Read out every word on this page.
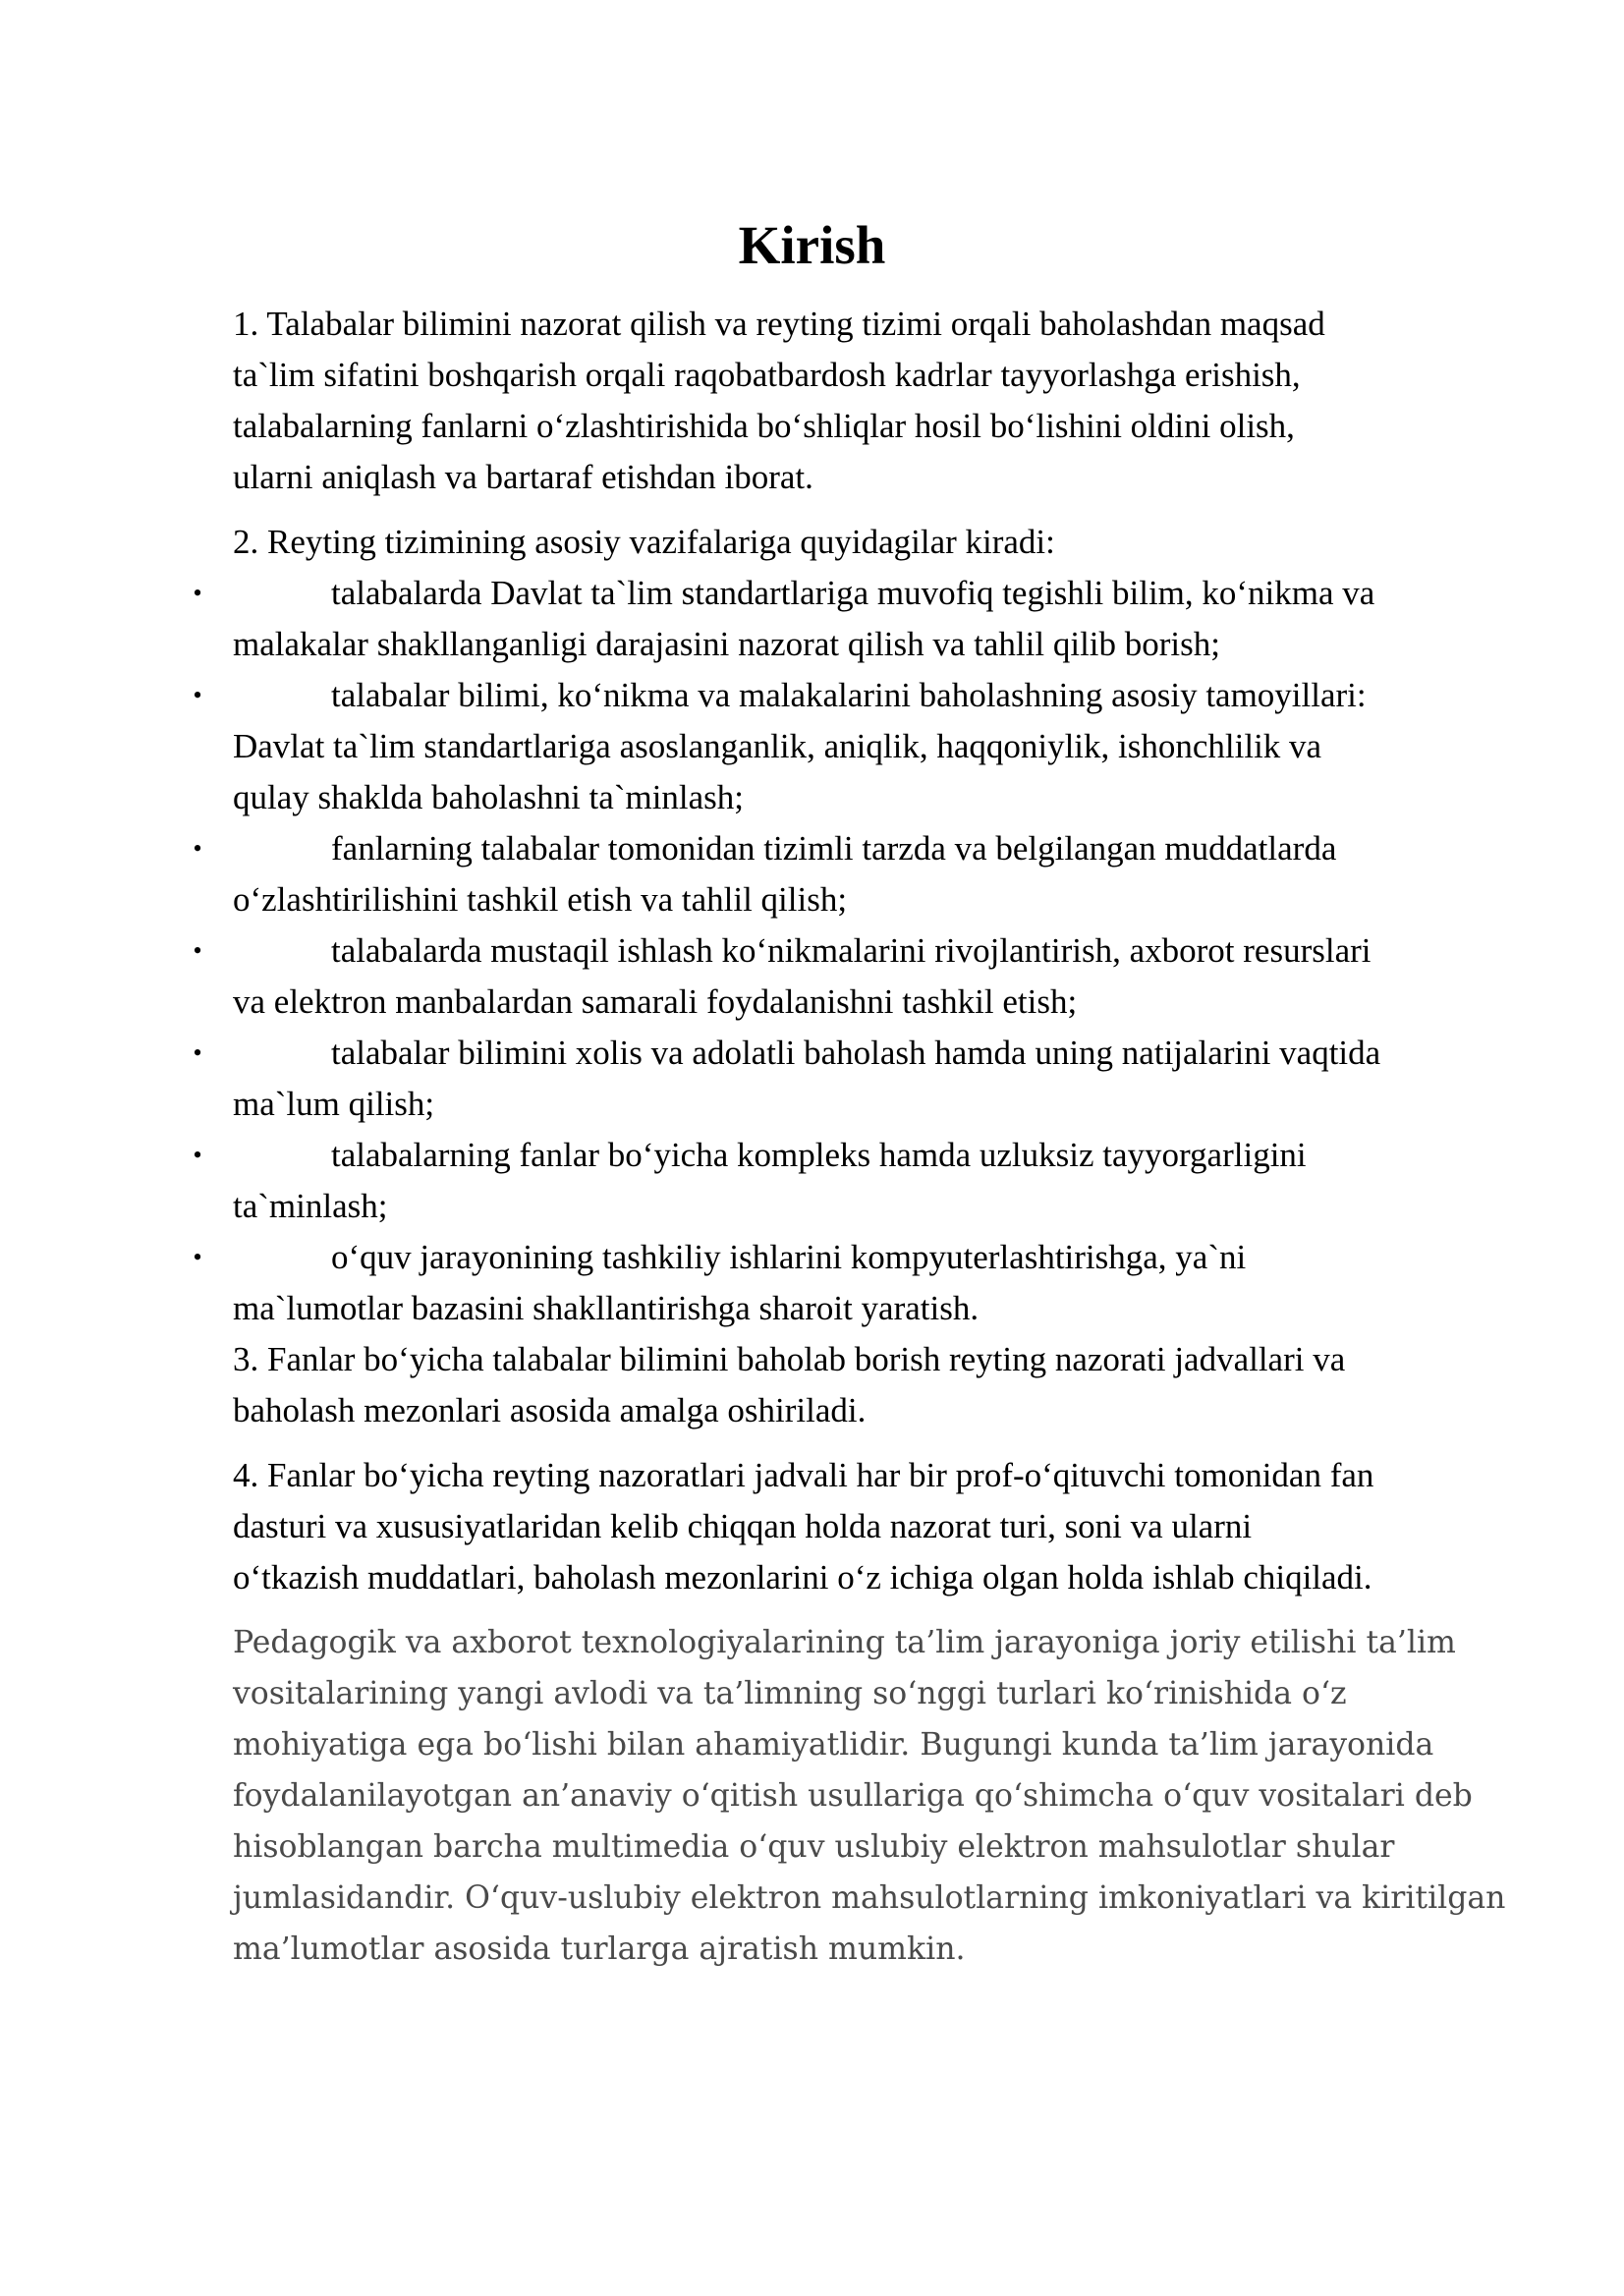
Kirish

1. Talabalar bilimini nazorat qilish va reyting tizimi orqali baholashdan maqsad
ta`lim sifatini boshqarish orqali raqobatbardosh kadrlar tayyorlashga erishish,
talabalarning fanlarni o‘zlashtirishida bo‘shliqlar hosil bo‘lishini oldini olish,
ularni aniqlash va bartaraf etishdan iborat.

2. Reyting tizimining asosiy vazifalariga quyidagilar kiradi:

•	talabalarda Davlat ta`lim standartlariga muvofiq tegishli bilim, ko‘nikma va
malakalar shakllanganligi darajasini nazorat qilish va tahlil qilib borish;
•	talabalar bilimi, ko‘nikma va malakalarini baholashning asosiy tamoyillari:
Davlat ta`lim standartlariga asoslanganlik, aniqlik, haqqoniylik, ishonchlilik va
qulay shaklda baholashni ta`minlash;
•	fanlarning talabalar tomonidan tizimli tarzda va belgilangan muddatlarda
o‘zlashtirilishini tashkil etish va tahlil qilish;
•	talabalarda mustaqil ishlash ko‘nikmalarini rivojlantirish, axborot resurslari
va elektron manbalardan samarali foydalanishni tashkil etish;
•	talabalar bilimini xolis va adolatli baholash hamda uning natijalarini vaqtida
ma`lum qilish;
•	talabalarning fanlar bo‘yicha kompleks hamda uzluksiz tayyorgarligini
ta`minlash;
•	o‘quv jarayonining tashkiliy ishlarini kompyuterlashtirishga, ya`ni
ma`lumotlar bazasini shakllantirishga sharoit yaratish.

3. Fanlar bo‘yicha talabalar bilimini baholab borish reyting nazorati jadvallari va
baholash mezonlari asosida amalga oshiriladi.

4. Fanlar bo‘yicha reyting nazoratlari jadvali har bir prof-o‘qituvchi tomonidan fan
dasturi va xususiyatlaridan kelib chiqqan holda nazorat turi, soni va ularni
o‘tkazish muddatlari, baholash mezonlarini o‘z ichiga olgan holda ishlab chiqiladi.

Pedagogik va axborot texnologiyalarining ta’lim jarayoniga joriy etilishi ta’lim
vositalarining yangi avlodi va ta’limning so‘nggi turlari ko‘rinishida o‘z
mohiyatiga ega bo‘lishi bilan ahamiyatlidir. Bugungi kunda ta’lim jarayonida
foydalanilayotgan an’anaviy o‘qitish usullariga qo‘shimcha o‘quv vositalari deb
hisoblangan barcha multimedia o‘quv uslubiy elektron mahsulotlar shular
jumlasidandir. O‘quv-uslubiy elektron mahsulotlarning imkoniyatlari va kiritilgan
ma’lumotlar asosida turlarga ajratish mumkin.
